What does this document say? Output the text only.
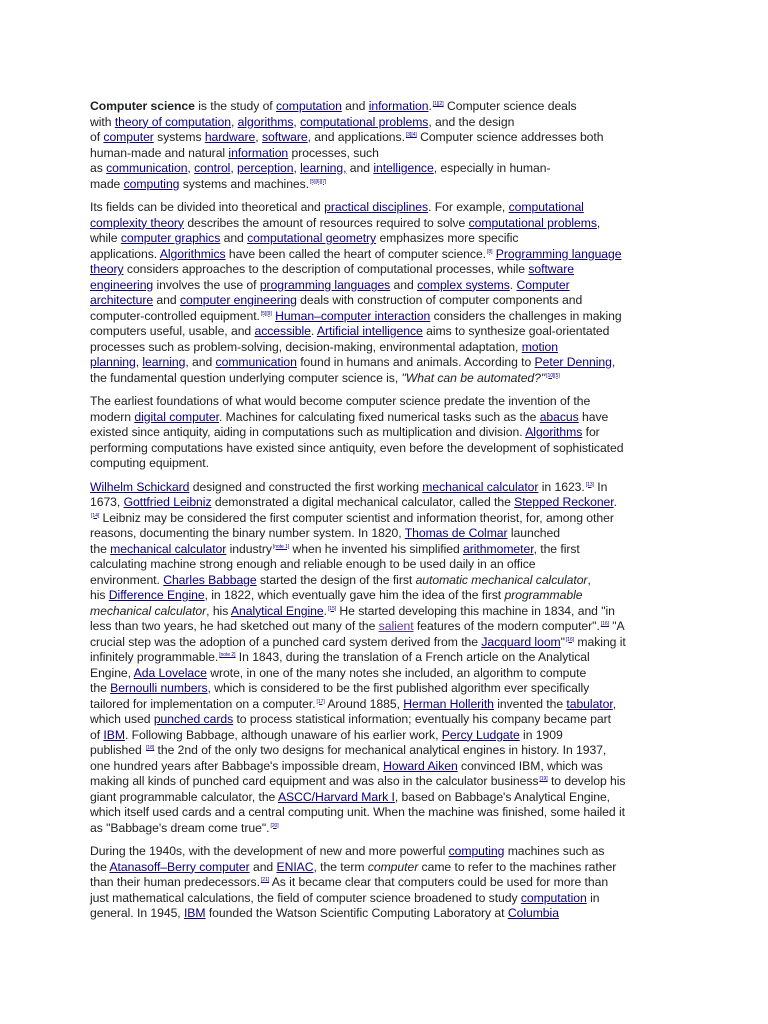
Computer science is the study of computation and information.[1][2] Computer science deals
with theory of computation, algorithms, computational problems, and the design
of computer systems hardware, software, and applications.[3][4] Computer science addresses both
human-made and natural information processes, such
as communication, control, perception, learning, and intelligence, especially in human-
made computing systems and machines.[5][6][7]

Its fields can be divided into theoretical and practical disciplines. For example, computational
complexity theory describes the amount of resources required to solve computational problems,
while computer graphics and computational geometry emphasizes more specific
applications. Algorithmics have been called the heart of computer science.[8] Programming language
theory considers approaches to the description of computational processes, while software
engineering involves the use of programming languages and complex systems. Computer
architecture and computer engineering deals with construction of computer components and
computer-controlled equipment.[5][9] Human–computer interaction considers the challenges in making
computers useful, usable, and accessible. Artificial intelligence aims to synthesize goal-orientated
processes such as problem-solving, decision-making, environmental adaptation, motion
planning, learning, and communication found in humans and animals. According to Peter Denning,
the fundamental question underlying computer science is, "What can be automated?"[10][5]

The earliest foundations of what would become computer science predate the invention of the
modern digital computer. Machines for calculating fixed numerical tasks such as the abacus have
existed since antiquity, aiding in computations such as multiplication and division. Algorithms for
performing computations have existed since antiquity, even before the development of sophisticated
computing equipment.

Wilhelm Schickard designed and constructed the first working mechanical calculator in 1623.[13] In
1673, Gottfried Leibniz demonstrated a digital mechanical calculator, called the Stepped Reckoner.
[14] Leibniz may be considered the first computer scientist and information theorist, for, among other
reasons, documenting the binary number system. In 1820, Thomas de Colmar launched
the mechanical calculator industry[note 1] when he invented his simplified arithmometer, the first
calculating machine strong enough and reliable enough to be used daily in an office
environment. Charles Babbage started the design of the first automatic mechanical calculator,
his Difference Engine, in 1822, which eventually gave him the idea of the first programmable
mechanical calculator, his Analytical Engine.[15] He started developing this machine in 1834, and "in
less than two years, he had sketched out many of the salient features of the modern computer".[16] "A
crucial step was the adoption of a punched card system derived from the Jacquard loom"[16] making it
infinitely programmable.[note 2] In 1843, during the translation of a French article on the Analytical
Engine, Ada Lovelace wrote, in one of the many notes she included, an algorithm to compute
the Bernoulli numbers, which is considered to be the first published algorithm ever specifically
tailored for implementation on a computer.[17] Around 1885, Herman Hollerith invented the tabulator,
which used punched cards to process statistical information; eventually his company became part
of IBM. Following Babbage, although unaware of his earlier work, Percy Ludgate in 1909
published [18] the 2nd of the only two designs for mechanical analytical engines in history. In 1937,
one hundred years after Babbage's impossible dream, Howard Aiken convinced IBM, which was
making all kinds of punched card equipment and was also in the calculator business[19] to develop his
giant programmable calculator, the ASCC/Harvard Mark I, based on Babbage's Analytical Engine,
which itself used cards and a central computing unit. When the machine was finished, some hailed it
as "Babbage's dream come true".[20]

During the 1940s, with the development of new and more powerful computing machines such as
the Atanasoff–Berry computer and ENIAC, the term computer came to refer to the machines rather
than their human predecessors.[21] As it became clear that computers could be used for more than
just mathematical calculations, the field of computer science broadened to study computation in
general. In 1945, IBM founded the Watson Scientific Computing Laboratory at Columbia
